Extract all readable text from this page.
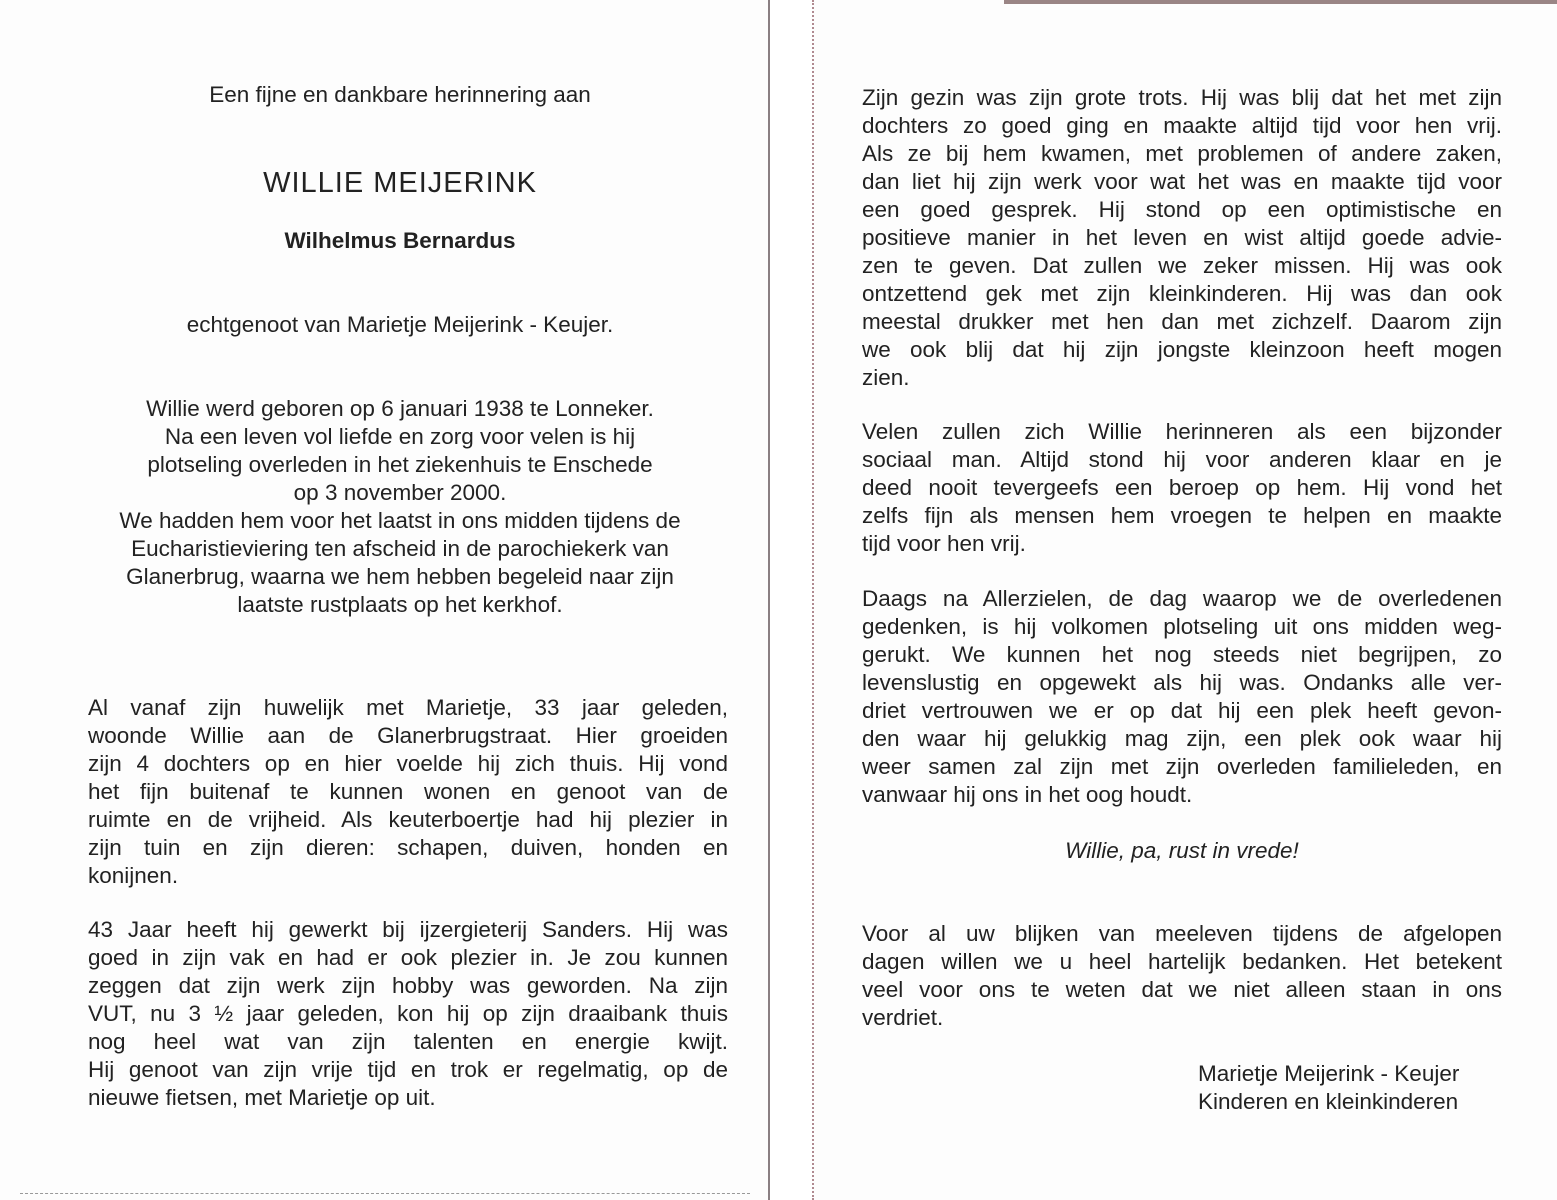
Een fijne en dankbare herinnering aan
WILLIE MEIJERINK
Wilhelmus Bernardus
echtgenoot van Marietje Meijerink - Keujer.
Willie werd geboren op 6 januari 1938 te Lonneker.
Na een leven vol liefde en zorg voor velen is hij
plotseling overleden in het ziekenhuis te Enschede
op 3 november 2000.
We hadden hem voor het laatst in ons midden tijdens de
Eucharistieviering ten afscheid in de parochiekerk van
Glanerbrug, waarna we hem hebben begeleid naar zijn
laatste rustplaats op het kerkhof.
Al vanaf zijn huwelijk met Marietje, 33 jaar geleden,
woonde Willie aan de Glanerbrugstraat. Hier groeiden
zijn 4 dochters op en hier voelde hij zich thuis. Hij vond
het fijn buitenaf te kunnen wonen en genoot van de
ruimte en de vrijheid. Als keuterboertje had hij plezier in
zijn tuin en zijn dieren: schapen, duiven, honden en
konijnen.
43 Jaar heeft hij gewerkt bij ijzergieterij Sanders. Hij was
goed in zijn vak en had er ook plezier in. Je zou kunnen
zeggen dat zijn werk zijn hobby was geworden. Na zijn
VUT, nu 3 ½ jaar geleden, kon hij op zijn draaibank thuis
nog heel wat van zijn talenten en energie kwijt.
Hij genoot van zijn vrije tijd en trok er regelmatig, op de
nieuwe fietsen, met Marietje op uit.
Zijn gezin was zijn grote trots. Hij was blij dat het met zijn
dochters zo goed ging en maakte altijd tijd voor hen vrij.
Als ze bij hem kwamen, met problemen of andere zaken,
dan liet hij zijn werk voor wat het was en maakte tijd voor
een goed gesprek. Hij stond op een optimistische en
positieve manier in het leven en wist altijd goede advie-
zen te geven. Dat zullen we zeker missen. Hij was ook
ontzettend gek met zijn kleinkinderen. Hij was dan ook
meestal drukker met hen dan met zichzelf. Daarom zijn
we ook blij dat hij zijn jongste kleinzoon heeft mogen
zien.
Velen zullen zich Willie herinneren als een bijzonder
sociaal man. Altijd stond hij voor anderen klaar en je
deed nooit tevergeefs een beroep op hem. Hij vond het
zelfs fijn als mensen hem vroegen te helpen en maakte
tijd voor hen vrij.
Daags na Allerzielen, de dag waarop we de overledenen
gedenken, is hij volkomen plotseling uit ons midden weg-
gerukt. We kunnen het nog steeds niet begrijpen, zo
levenslustig en opgewekt als hij was. Ondanks alle ver-
driet vertrouwen we er op dat hij een plek heeft gevon-
den waar hij gelukkig mag zijn, een plek ook waar hij
weer samen zal zijn met zijn overleden familieleden, en
vanwaar hij ons in het oog houdt.
Willie, pa, rust in vrede!
Voor al uw blijken van meeleven tijdens de afgelopen
dagen willen we u heel hartelijk bedanken. Het betekent
veel voor ons te weten dat we niet alleen staan in ons
verdriet.
Marietje Meijerink - Keujer
Kinderen en kleinkinderen
